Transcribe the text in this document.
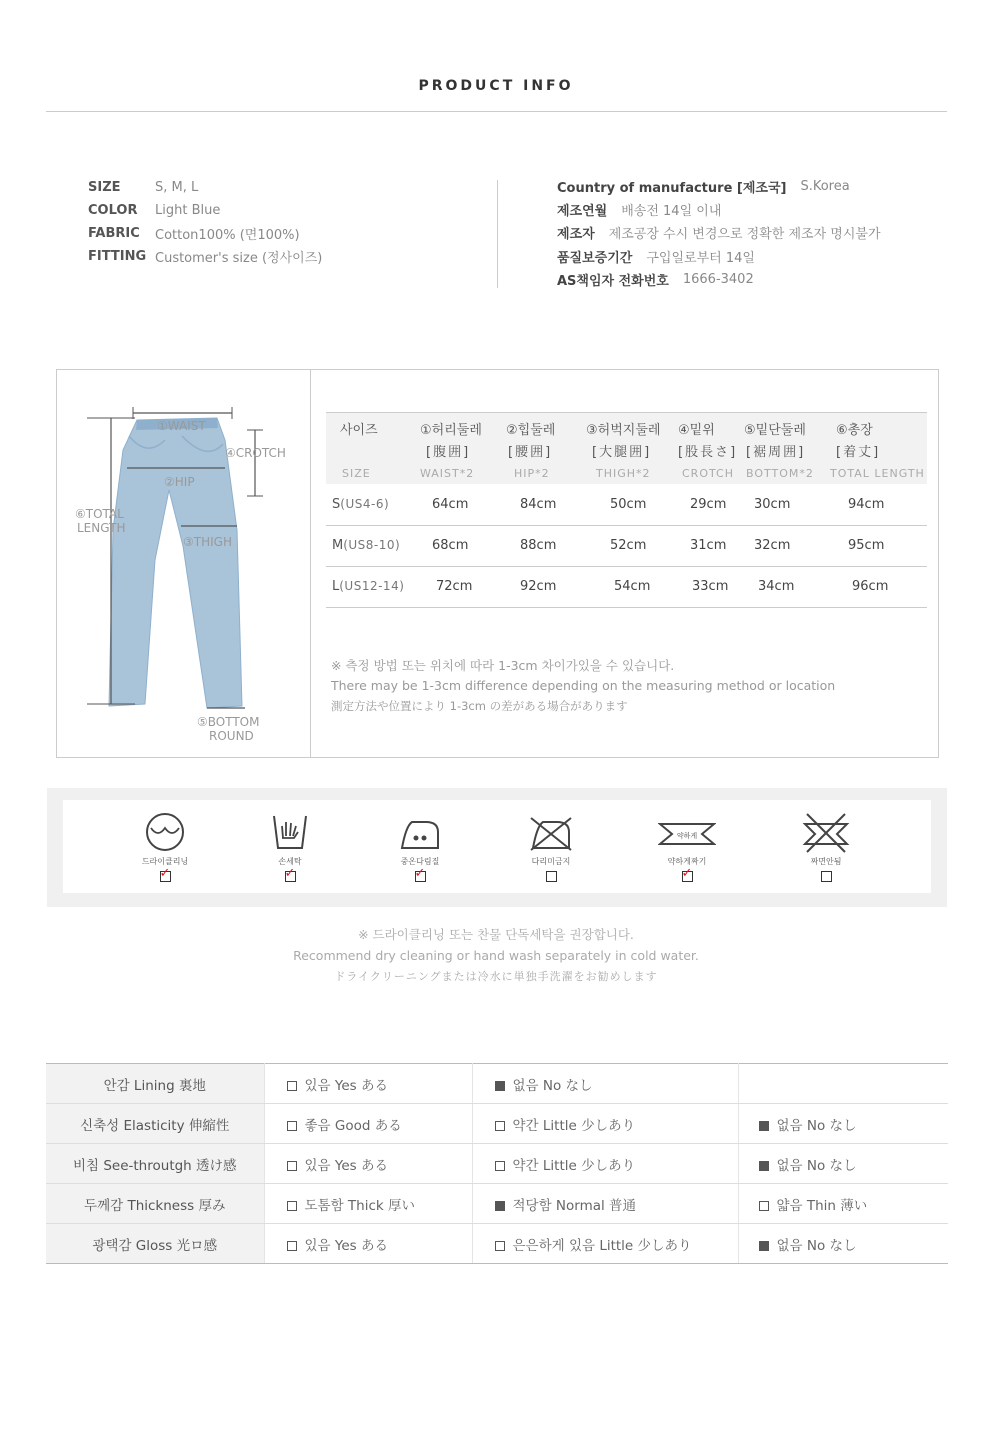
PRODUCT INFO
SIZE	S, M, L
COLOR	Light Blue
FABRIC	Cotton100% (면100%)
FITTING Customer's size (정사이즈)
Country of manufacture [제조국] S.Korea
제조연월 배송전 14일 이내
제조자 제조공장 수시 변경으로 정확한 제조자 명시불가
품질보증기간 구입일로부터 14일
AS책임자 전화번호 1666-3402
①WAIST
④CROTCH
②HIP
⑥TOTAL
LENGTH
③THIGH
⑤BOTTOM
ROUND
사이즈	①허리둘레	②힙둘레	③허벅지둘레	④밑위	⑤밑단둘레	⑥총장
	[腹囲]	[腰囲]	[大腿囲]	[股長さ]	[裾周囲]	[着丈]
SIZE	WAIST*2	HIP*2	THIGH*2	CROTCH	BOTTOM*2	TOTAL LENGTH
S(US4-6)	64cm	84cm	50cm	29cm	30cm	94cm
M(US8-10)	68cm	88cm	52cm	31cm	32cm	95cm
L(US12-14)	72cm	92cm	54cm	33cm	34cm	96cm
※ 측정 방법 또는 위치에 따라 1-3cm 차이가있을 수 있습니다.
There may be 1-3cm difference depending on the measuring method or location
測定方法や位置により 1-3cm の差がある場合があります
드라이클리닝
✓
손세탁
✓
중온다림질
✓
다리미금지
약하게
약하게짜기
✓
짜면안됨
※ 드라이클리닝 또는 찬물 단독세탁을 권장합니다.
Recommend dry cleaning or hand wash separately in cold water.
ドライクリーニングまたは冷水に単独手洗濯をお勧めします
안감 Lining 裏地	있음 Yes ある	없음 No なし	
신축성 Elasticity 伸縮性	좋음 Good ある	약간 Little 少しあり	없음 No なし
비침 See-throutgh 透け感	있음 Yes ある	약간 Little 少しあり	없음 No なし
두께감 Thickness 厚み	도톰함 Thick 厚い	적당함 Normal 普通	얇음 Thin 薄い
광택감 Gloss 光ロ感	있음 Yes ある	은은하게 있음 Little 少しあり	없음 No なし
